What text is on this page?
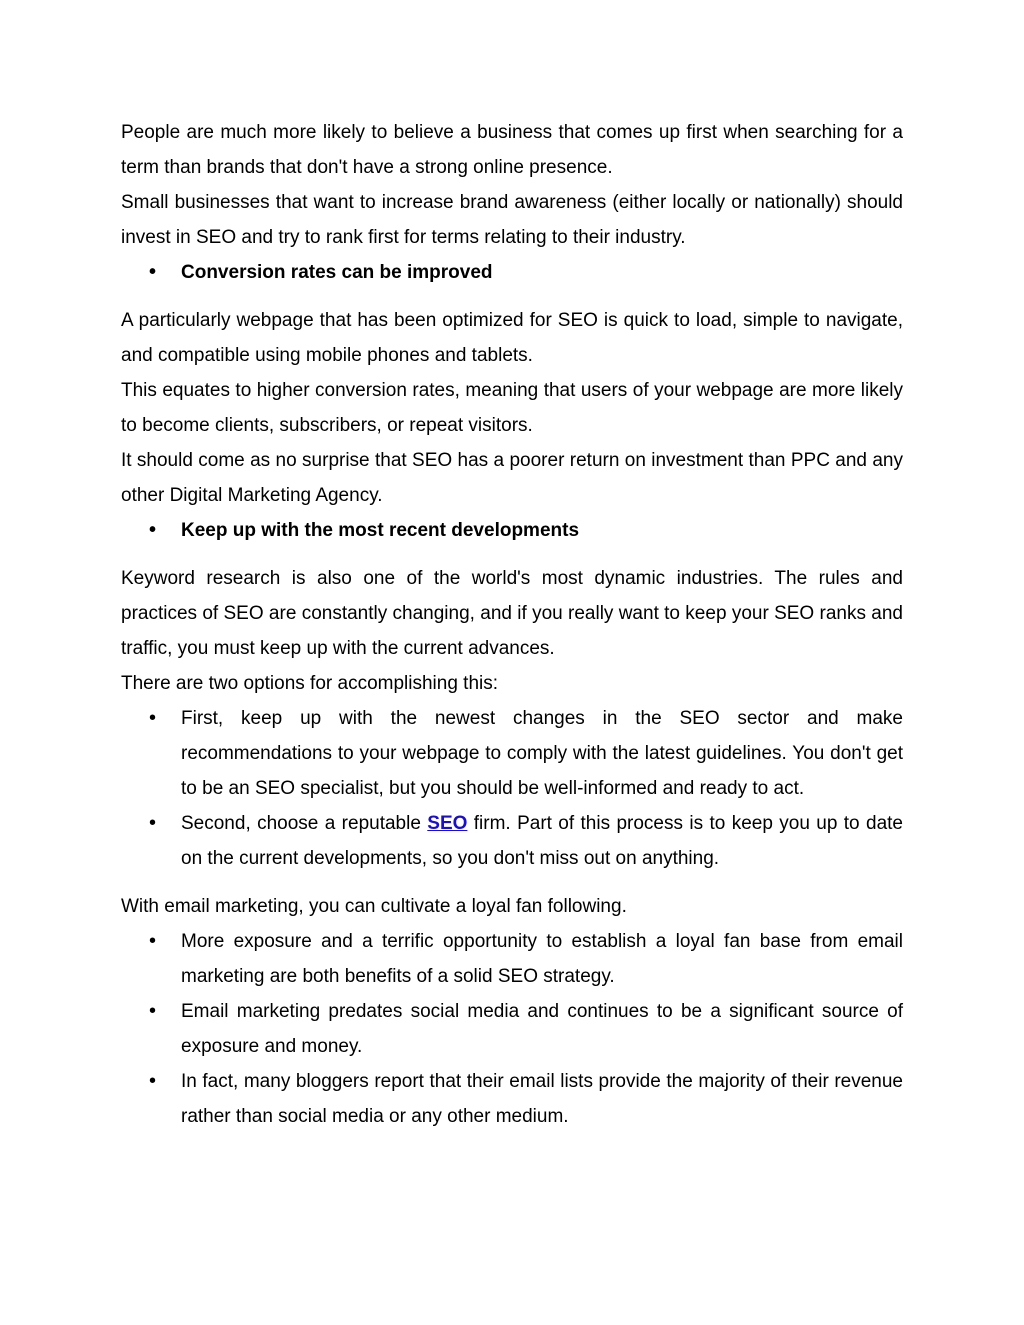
People are much more likely to believe a business that comes up first when searching for a term than brands that don't have a strong online presence.

Small businesses that want to increase brand awareness (either locally or nationally) should invest in SEO and try to rank first for terms relating to their industry.

• Conversion rates can be improved

A particularly webpage that has been optimized for SEO is quick to load, simple to navigate, and compatible using mobile phones and tablets.

This equates to higher conversion rates, meaning that users of your webpage are more likely to become clients, subscribers, or repeat visitors.

It should come as no surprise that SEO has a poorer return on investment than PPC and any other Digital Marketing Agency.

• Keep up with the most recent developments

Keyword research is also one of the world's most dynamic industries. The rules and practices of SEO are constantly changing, and if you really want to keep your SEO ranks and traffic, you must keep up with the current advances.

There are two options for accomplishing this:

• First, keep up with the newest changes in the SEO sector and make recommendations to your webpage to comply with the latest guidelines. You don't get to be an SEO specialist, but you should be well-informed and ready to act.
• Second, choose a reputable SEO firm. Part of this process is to keep you up to date on the current developments, so you don't miss out on anything.

With email marketing, you can cultivate a loyal fan following.

• More exposure and a terrific opportunity to establish a loyal fan base from email marketing are both benefits of a solid SEO strategy.
• Email marketing predates social media and continues to be a significant source of exposure and money.
• In fact, many bloggers report that their email lists provide the majority of their revenue rather than social media or any other medium.
